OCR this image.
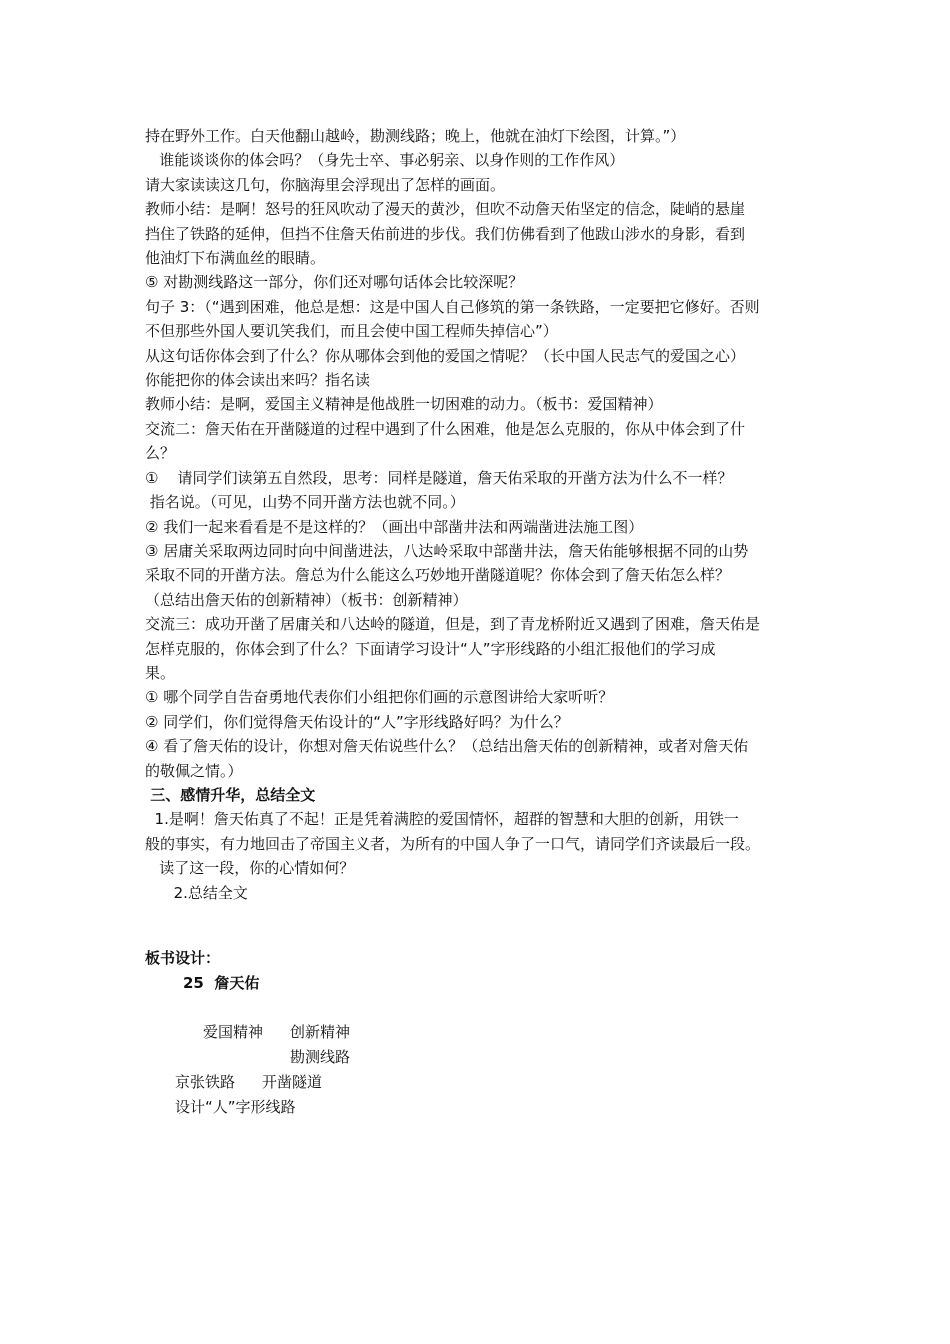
持在野外工作。白天他翻山越岭，勘测线路；晚上，他就在油灯下绘图，计算。”）
谁能谈谈你的体会吗？（身先士卒、事必躬亲、以身作则的工作作风）
请大家读读这几句，你脑海里会浮现出了怎样的画面。
教师小结：是啊！怒号的狂风吹动了漫天的黄沙，但吹不动詹天佑坚定的信念，陡峭的悬崖
挡住了铁路的延伸，但挡不住詹天佑前进的步伐。我们仿佛看到了他跋山涉水的身影，看到
他油灯下布满血丝的眼睛。
⑤ 对勘测线路这一部分，你们还对哪句话体会比较深呢？
句子 3：（“遇到困难，他总是想：这是中国人自己修筑的第一条铁路，一定要把它修好。否则
不但那些外国人要讥笑我们，而且会使中国工程师失掉信心”）
从这句话你体会到了什么？你从哪体会到他的爱国之情呢？（长中国人民志气的爱国之心）
你能把你的体会读出来吗？指名读
教师小结：是啊，爱国主义精神是他战胜一切困难的动力。（板书：爱国精神）
交流二：詹天佑在开凿隧道的过程中遇到了什么困难，他是怎么克服的，你从中体会到了什
么？
①    请同学们读第五自然段，思考：同样是隧道，詹天佑采取的开凿方法为什么不一样？
指名说。（可见，山势不同开凿方法也就不同。）
② 我们一起来看看是不是这样的？（画出中部凿井法和两端凿进法施工图）
③ 居庸关采取两边同时向中间凿进法，八达岭采取中部凿井法，詹天佑能够根据不同的山势
采取不同的开凿方法。詹总为什么能这么巧妙地开凿隧道呢？你体会到了詹天佑怎么样？
（总结出詹天佑的创新精神）（板书：创新精神）
交流三：成功开凿了居庸关和八达岭的隧道，但是，到了青龙桥附近又遇到了困难，詹天佑是
怎样克服的，你体会到了什么？下面请学习设计“人”字形线路的小组汇报他们的学习成
果。
① 哪个同学自告奋勇地代表你们小组把你们画的示意图讲给大家听听？
② 同学们，你们觉得詹天佑设计的“人”字形线路好吗？为什么？
④ 看了詹天佑的设计，你想对詹天佑说些什么？（总结出詹天佑的创新精神，或者对詹天佑
的敬佩之情。）
三、感情升华，总结全文
1.是啊！詹天佑真了不起！正是凭着满腔的爱国情怀，超群的智慧和大胆的创新，用铁一
般的事实，有力地回击了帝国主义者，为所有的中国人争了一口气，请同学们齐读最后一段。
读了这一段，你的心情如何？
2.总结全文
板书设计：
25  詹天佑
爱国精神 创新精神
勘测线路
京张铁路 开凿隧道
设计“人”字形线路
